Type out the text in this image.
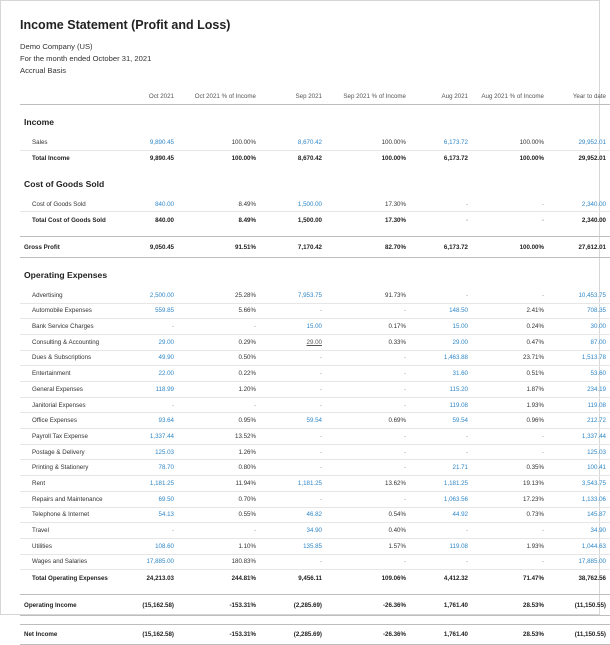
Income Statement (Profit and Loss)
Demo Company (US)
For the month ended October 31, 2021
Accrual Basis
	Oct 2021	Oct 2021 % of Income	Sep 2021	Sep 2021 % of Income	Aug 2021	Aug 2021 % of Income	Year to date
Income							
Sales	9,890.45	100.00%	8,670.42	100.00%	6,173.72	100.00%	29,952.01
Total Income	9,890.45	100.00%	8,670.42	100.00%	6,173.72	100.00%	29,952.01
Cost of Goods Sold							
Cost of Goods Sold	840.00	8.49%	1,500.00	17.30%	-	-	2,340.00
Total Cost of Goods Sold	840.00	8.49%	1,500.00	17.30%	-	-	2,340.00

Gross Profit	9,050.45	91.51%	7,170.42	82.70%	6,173.72	100.00%	27,612.01
Operating Expenses							
Advertising	2,500.00	25.28%	7,953.75	91.73%	-	-	10,453.75
Automobile Expenses	559.85	5.66%	-	-	148.50	2.41%	708.35
Bank Service Charges	-	-	15.00	0.17%	15.00	0.24%	30.00
Consulting & Accounting	29.00	0.29%	29.00	0.33%	29.00	0.47%	87.00
Dues & Subscriptions	49.90	0.50%	-	-	1,463.88	23.71%	1,513.78
Entertainment	22.00	0.22%	-	-	31.60	0.51%	53.60
General Expenses	118.99	1.20%	-	-	115.20	1.87%	234.19
Janitorial Expenses	-	-	-	-	119.08	1.93%	119.08
Office Expenses	93.64	0.95%	59.54	0.69%	59.54	0.96%	212.72
Payroll Tax Expense	1,337.44	13.52%	-	-	-	-	1,337.44
Postage & Delivery	125.03	1.26%	-	-	-	-	125.03
Printing & Stationery	78.70	0.80%	-	-	21.71	0.35%	100.41
Rent	1,181.25	11.94%	1,181.25	13.62%	1,181.25	19.13%	3,543.75
Repairs and Maintenance	69.50	0.70%	-	-	1,063.56	17.23%	1,133.06
Telephone & Internet	54.13	0.55%	46.82	0.54%	44.92	0.73%	145.87
Travel	-	-	34.90	0.40%	-	-	34.90
Utilities	108.60	1.10%	135.85	1.57%	119.08	1.93%	1,044.63
Wages and Salaries	17,885.00	180.83%	-	-	-	-	17,885.00
Total Operating Expenses	24,213.03	244.81%	9,456.11	109.06%	4,412.32	71.47%	38,762.56

Operating Income	(15,162.58)	-153.31%	(2,285.69)	-26.36%	1,761.40	28.53%	(11,150.55)

Net Income	(15,162.58)	-153.31%	(2,285.69)	-26.36%	1,761.40	28.53%	(11,150.55)
